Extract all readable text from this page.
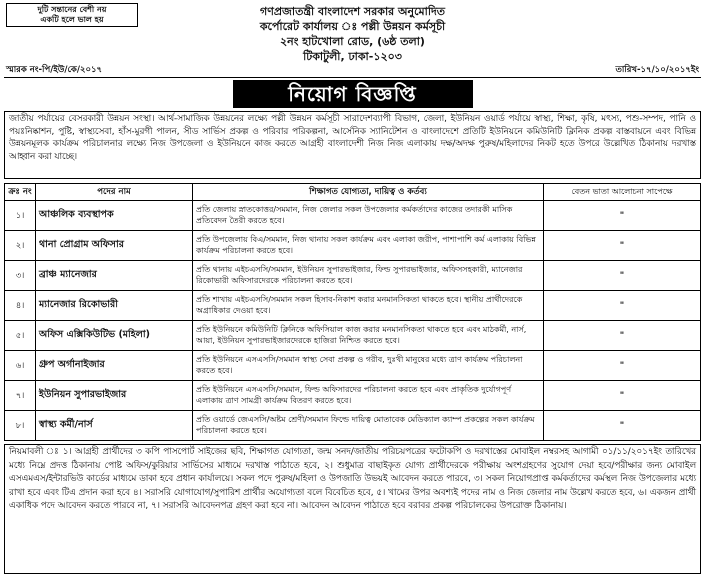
দুটি সন্তানের বেশী নয়
একটি হলে ভাল হয়
গণপ্রজাতন্ত্রী বাংলাদেশ সরকার অনুমোদিত
কর্পোরেট কার্যালয় ঃ পল্লী উন্নয়ন কর্মসূচী
২নং হাটখোলা রোড, (৬ষ্ঠ তলা)
টিকাটুলী, ঢাকা-১২০৩
স্মারক নং-পি/ইউ/কে/২০১৭	তারিখ-১৭/১০/২০১৭ইং
নিয়োগ বিজ্ঞপ্তি
জাতীয় পর্যায়ের বেসরকারী উন্নয়ন সংস্থা। আর্থ-সামাজিক উন্নয়নের লক্ষ্যে পল্লী উন্নয়ন কর্মসূচী সারাদেশব্যাপী বিভাগ, জেলা, ইউনিয়ন ওয়ার্ড পর্যায়ে স্বাস্থ্য, শিক্ষা, কৃষি, মৎস্য, পশু-সম্পদ, পানি ও পয়ঃনিষ্কাশন, পুষ্টি, স্বাস্থ্যসেবা, হাঁস-মুরগী পালন, সীড সার্ভিস প্রকল্প ও পরিবার পরিকল্পনা, আর্সেনিক স্যানিটেশন ও বাংলাদেশে প্রতিটি ইউনিয়নে কমিউনিটি ক্লিনিক প্রকল্প বাস্তবায়নে এবং বিভিন্ন উন্নয়নমূলক কার্যক্রম পরিচালনার লক্ষ্যে নিজ উপজেলা ও ইউনিয়নে কাজ করতে আগ্রহী বাংলাদেশী নিজ নিজ এলাকায় দক্ষ/অদক্ষ পুরুষ/মহিলাদের নিকট হতে উপরে উল্লেখিত ঠিকানায় দরখাস্ত আহ্বান করা যাচ্ছে।
ক্রঃ নং	পদের নাম	শিক্ষাগত যোগ্যতা, দায়িত্ব ও কর্তব্য	বেতন ভাতা আলোচনা সাপেক্ষে
১।	আঞ্চলিক ব্যবস্থাপক	প্রতি জেলায় স্নাতকোত্তর/সমমান, নিজ জেলার সকল উপজেলার কর্মকর্তাদের কাজের তদারকী মাসিক প্রতিবেদন তৈরী করতে হবে।	"
২।	থানা প্রোগ্রাম অফিসার	প্রতি উপজেলায় বিএ/সমমান, নিজ থানায় সকল কার্যক্রম এবং এলাকা জরীপ, পাশাপাশি কর্ম এলাকায় বিভিন্ন কার্যক্রম পরিচালনা করতে হবে।	"
৩।	ব্রাঞ্চ ম্যানেজার	প্রতি থানায় এইচএসসি/সমমান, ইউনিয়ন সুপারভাইজার, ফিল্ড সুপারভাইজার, অফিসসহকারী, ম্যানেজার রিকোভারী অফিসারদেরকে পরিচালনা করতে হবে।	"
৪।	ম্যানেজার রিকোভারী	প্রতি শাখায় এইচএসসি/সমমান সকল হিসাব-নিকাশ করার মনমানসিকতা থাকতে হবে। স্থানীয় প্রার্থীদেরকে অগ্রাধিকার দেওয়া হবে।	"
৫।	অফিস এক্সিকিউটিভ (মহিলা)	প্রতি ইউনিয়নে কমিউনিটি ক্লিনিকে অফিসিয়াল কাজ করার মনমানসিকতা থাকতে হবে এবং মাঠকর্মী, নার্স, আয়া, ইউনিয়ন সুপারভাইজারদেরকে হাজিরা নিশ্চিত করতে হবে।	"
৬।	গ্রুপ অর্গানাইজার	প্রতি ইউনিয়নে এসএসসি/সমমান স্বাস্থ্য সেবা প্রকল্প ও গরীব, দুঃখী মানুষের মধ্যে ত্রাণ কার্যক্রম পরিচালনা করতে হবে।	"
৭।	ইউনিয়ন সুপারভাইজার	প্রতি ইউনিয়নে এসএসসি/সমমান, ফিল্ড অফিসারদের পরিচালনা করতে হবে এবং প্রাকৃতিক দুর্যোগপূর্ণ এলাকায় ত্রাণ সামগ্রী কার্যক্রম বিতরণ করতে হবে।	"
৮।	স্বাস্থ্য কর্মী/নার্স	প্রতি ওয়ার্ডে জেএসসি/অষ্টম শ্রেণী/সমমান ফিল্ডে দায়িত্ব মোতাবেক মেডিক্যাল ক্যাম্প প্রকল্পের সকল কার্যক্রম পরিচালনা করতে হবে।	"
নিয়মাবলী ঃ ১। আগ্রহী প্রার্থীদের ৩ কপি পাসপোর্ট সাইজের ছবি, শিক্ষাগত যোগ্যতা, জন্ম সনদ/জাতীয় পরিচয়পত্রের ফটোকপি ও দরখাস্তের মোবাইল নম্বরসহ আগামী ০১/১১/২০১৭ইং তারিখের মধ্যে নিম্নে প্রদত্ত ঠিকানায় পোষ্ট অফিস/কুরিয়ার সার্ভিসের মাধ্যমে দরখাস্ত পাঠাতে হবে, ২। শুধুমাত্র বাছাইকৃত যোগ্য প্রার্থীদেরকে পরীক্ষায় অংশগ্রহণের সুযোগ দেয়া হবে/পরীক্ষার জন্য মোবাইল এসএমএস/ইন্টারভিউ কার্ডের মাধ্যমে ডাকা হবে প্রধান কার্যালয়ে। সকল পদে পুরুষ/মহিলা ও উপজাতি উভয়ই আবেদন করতে পারবে, ৩। সকল নিয়োগপ্রাপ্ত কর্মকর্তাদের কর্মস্থল নিজ উপজেলার মধ্যে রাখা হবে এবং টিএ প্রদান করা হবে ৪। সরাসরি যোগাযোগ/সুপারিশ প্রার্থীর অযোগ্যতা বলে বিবেচিত হবে, ৫। খামের উপর অবশ্যই পদের নাম ও নিজ জেলার নাম উল্লেখ করতে হবে, ৬। একজন প্রার্থী একাধিক পদে আবেদন করতে পারবে না, ৭। সরাসরি আবেদনপত্র গ্রহণ করা হবে না। আবেদন আবেদন পাঠাতে হবে বরাবর প্রকল্প পরিচালকের উপরোক্ত ঠিকানায়।
